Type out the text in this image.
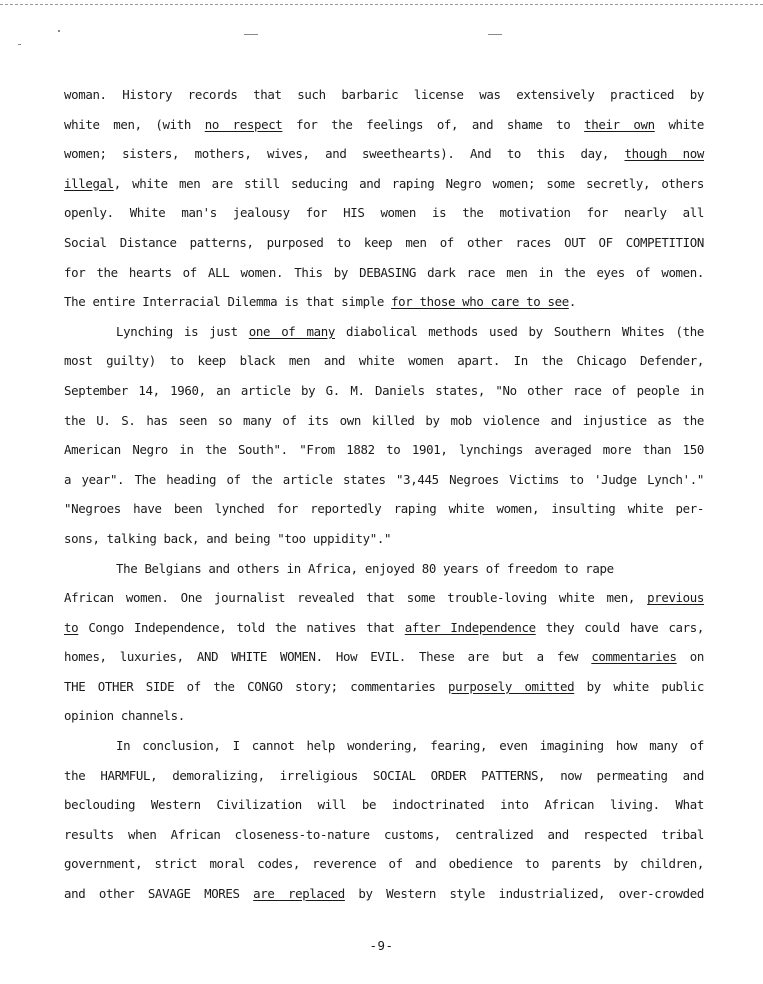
woman. History records that such barbaric license was extensively practiced by
white men, (with no respect for the feelings of, and shame to their own white
women; sisters, mothers, wives, and sweethearts). And to this day, though now
illegal, white men are still seducing and raping Negro women; some secretly, others
openly. White man's jealousy for HIS women is the motivation for nearly all
Social Distance patterns, purposed to keep men of other races OUT OF COMPETITION
for the hearts of ALL women. This by DEBASING dark race men in the eyes of women.
The entire Interracial Dilemma is that simple for those who care to see.
Lynching is just one of many diabolical methods used by Southern Whites (the
most guilty) to keep black men and white women apart. In the Chicago Defender,
September 14, 1960, an article by G. M. Daniels states, "No other race of people in
the U. S. has seen so many of its own killed by mob violence and injustice as the
American Negro in the South". "From 1882 to 1901, lynchings averaged more than 150
a year". The heading of the article states "3,445 Negroes Victims to 'Judge Lynch'."
"Negroes have been lynched for reportedly raping white women, insulting white per-
sons, talking back, and being "too uppidity"."
The Belgians and others in Africa, enjoyed 80 years of freedom to rape
African women. One journalist revealed that some trouble-loving white men, previous
to Congo Independence, told the natives that after Independence they could have cars,
homes, luxuries, AND WHITE WOMEN. How EVIL. These are but a few commentaries on
THE OTHER SIDE of the CONGO story; commentaries purposely omitted by white public
opinion channels.
In conclusion, I cannot help wondering, fearing, even imagining how many of
the HARMFUL, demoralizing, irreligious SOCIAL ORDER PATTERNS, now permeating and
beclouding Western Civilization will be indoctrinated into African living. What
results when African closeness-to-nature customs, centralized and respected tribal
government, strict moral codes, reverence of and obedience to parents by children,
and other SAVAGE MORES are replaced by Western style industrialized, over-crowded
-9-
